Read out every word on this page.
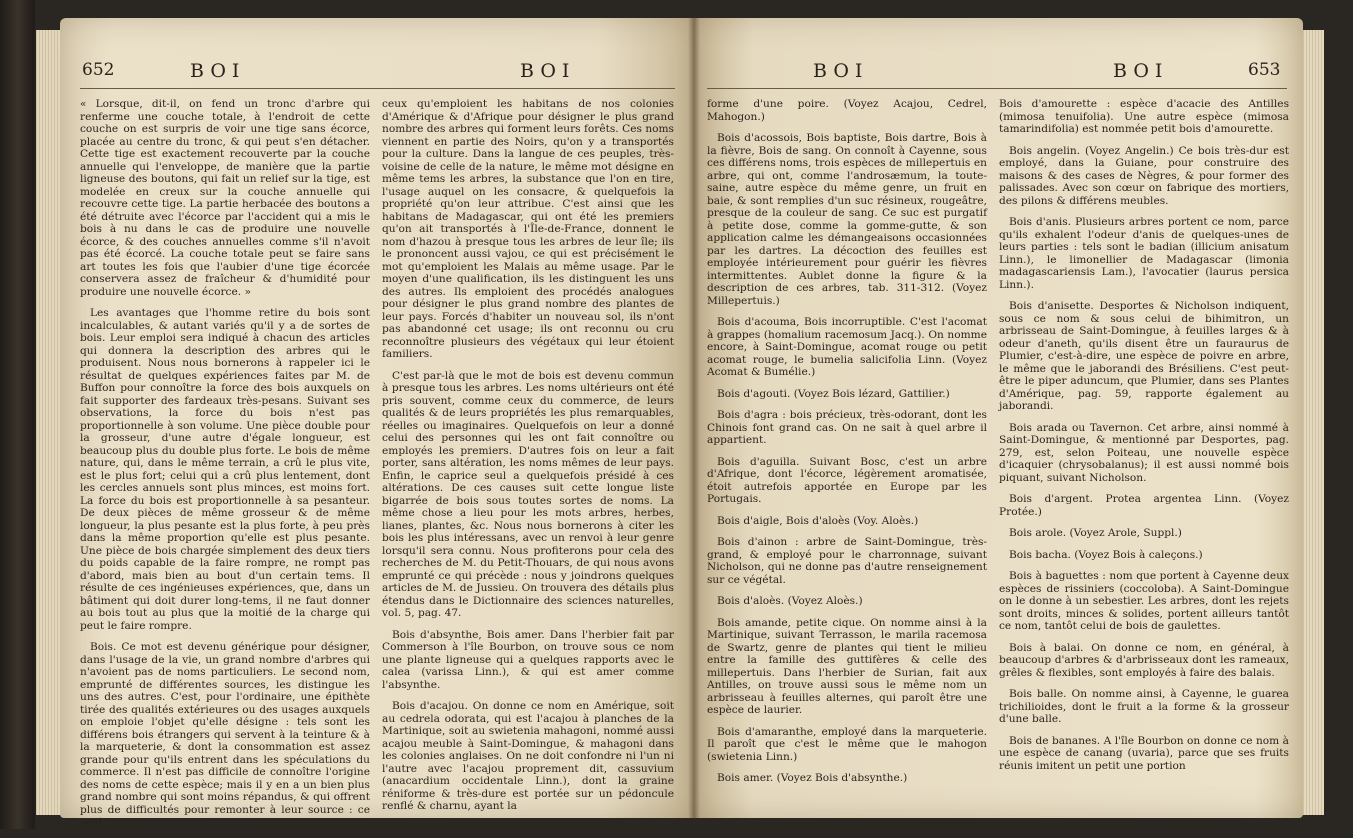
652	BOI	BOI

« Lorsque, dit-il, on fend un tronc d'arbre qui renferme une couche totale, à l'endroit de cette couche on est surpris de voir une tige sans écorce, placée au centre du tronc, & qui peut s'en détacher. Cette tige est exactement recouverte par la couche annuelle qui l'enveloppe, de manière que la partie ligneuse des boutons, qui fait un relief sur la tige, est modelée en creux sur la couche annuelle qui recouvre cette tige. La partie herbacée des boutons a été détruite avec l'écorce par l'accident qui a mis le bois à nu dans le cas de produire une nouvelle écorce, & des couches annuelles comme s'il n'avoit pas été écorcé. La couche totale peut se faire sans art toutes les fois que l'aubier d'une tige écorcée conservera assez de fraîcheur & d'humidité pour produire une nouvelle écorce. »

Les avantages que l'homme retire du bois sont incalculables, & autant variés qu'il y a de sortes de bois. Leur emploi sera indiqué à chacun des articles qui donnera la description des arbres qui le produisent. Nous nous bornerons à rappeler ici le résultat de quelques expériences faites par M. de Buffon pour connoître la force des bois auxquels on fait supporter des fardeaux très-pesans. Suivant ses observations, la force du bois n'est pas proportionnelle à son volume. Une pièce double pour la grosseur, d'une autre d'égale longueur, est beaucoup plus du double plus forte. Le bois de même nature, qui, dans le même terrain, a crû le plus vite, est le plus fort; celui qui a crû plus lentement, dont les cercles annuels sont plus minces, est moins fort. La force du bois est proportionnelle à sa pesanteur. De deux pièces de même grosseur & de même longueur, la plus pesante est la plus forte, à peu près dans la même proportion qu'elle est plus pesante. Une pièce de bois chargée simplement des deux tiers du poids capable de la faire rompre, ne rompt pas d'abord, mais bien au bout d'un certain tems. Il résulte de ces ingénieuses expériences, que, dans un bâtiment qui doit durer long-tems, il ne faut donner au bois tout au plus que la moitié de la charge qui peut le faire rompre.

Bois. Ce mot est devenu générique pour désigner, dans l'usage de la vie, un grand nombre d'arbres qui n'avoient pas de noms particuliers. Le second nom, emprunté de différentes sources, les distingue les uns des autres. C'est, pour l'ordinaire, une épithète tirée des qualités extérieures ou des usages auxquels on emploie l'objet qu'elle désigne : tels sont les différens bois étrangers qui servent à la teinture & à la marqueterie, & dont la consommation est assez grande pour qu'ils entrent dans les spéculations du commerce. Il n'est pas difficile de connoître l'origine des noms de cette espèce; mais il y en a un bien plus grand nombre qui sont moins répandus, & qui offrent plus de difficultés pour remonter à leur source : ce sont

ceux qu'emploient les habitans de nos colonies d'Amérique & d'Afrique pour désigner le plus grand nombre des arbres qui forment leurs forêts. Ces noms viennent en partie des Noirs, qu'on y a transportés pour la culture. Dans la langue de ces peuples, très-voisine de celle de la nature, le même mot désigne en même tems les arbres, la substance que l'on en tire, l'usage auquel on les consacre, & quelquefois la propriété qu'on leur attribue. C'est ainsi que les habitans de Madagascar, qui ont été les premiers qu'on ait transportés à l'Île-de-France, donnent le nom d'hazou à presque tous les arbres de leur île; ils le prononcent aussi vajou, ce qui est précisément le mot qu'emploient les Malais au même usage. Par le moyen d'une qualification, ils les distinguent les uns des autres. Ils emploient des procédés analogues pour désigner le plus grand nombre des plantes de leur pays. Forcés d'habiter un nouveau sol, ils n'ont pas abandonné cet usage; ils ont reconnu ou cru reconnoître plusieurs des végétaux qui leur étoient familiers.

C'est par-là que le mot de bois est devenu commun à presque tous les arbres. Les noms ultérieurs ont été pris souvent, comme ceux du commerce, de leurs qualités & de leurs propriétés les plus remarquables, réelles ou imaginaires. Quelquefois on leur a donné celui des personnes qui les ont fait connoître ou employés les premiers. D'autres fois on leur a fait porter, sans altération, les noms mêmes de leur pays. Enfin, le caprice seul a quelquefois présidé à ces altérations. De ces causes suit cette longue liste bigarrée de bois sous toutes sortes de noms. La même chose a lieu pour les mots arbres, herbes, lianes, plantes, &c. Nous nous bornerons à citer les bois les plus intéressans, avec un renvoi à leur genre lorsqu'il sera connu. Nous profiterons pour cela des recherches de M. du Petit-Thouars, de qui nous avons emprunté ce qui précède : nous y joindrons quelques articles de M. de Jussieu. On trouvera des détails plus étendus dans le Dictionnaire des sciences naturelles, vol. 5, pag. 47.

Bois d'absynthe, Bois amer. Dans l'herbier fait par Commerson à l'île Bourbon, on trouve sous ce nom une plante ligneuse qui a quelques rapports avec le calea (varissa Linn.), & qui est amer comme l'absynthe.

Bois d'acajou. On donne ce nom en Amérique, soit au cedrela odorata, qui est l'acajou à planches de la Martinique, soit au swietenia mahagoni, nommé aussi acajou meuble à Saint-Domingue, & mahagoni dans les colonies anglaises. On ne doit confondre ni l'un ni l'autre avec l'acajou proprement dit, cassuvium (anacardium occidentale Linn.), dont la graine réniforme & très-dure est portée sur un pédoncule renflé & charnu, ayant la

BOI	BOI	653

forme d'une poire. (Voyez Acajou, Cedrel, Mahogon.)

Bois d'acossois, Bois baptiste, Bois dartre, Bois à la fièvre, Bois de sang. On connoît à Cayenne, sous ces différens noms, trois espèces de millepertuis en arbre, qui ont, comme l'androsæmum, la toute-saine, autre espèce du même genre, un fruit en baie, & sont remplies d'un suc résineux, rougeâtre, presque de la couleur de sang. Ce suc est purgatif à petite dose, comme la gomme-gutte, & son application calme les démangeaisons occasionnées par les dartres. La décoction des feuilles est employée intérieurement pour guérir les fièvres intermittentes. Aublet donne la figure & la description de ces arbres, tab. 311-312. (Voyez Millepertuis.)

Bois d'acouma, Bois incorruptible. C'est l'acomat à grappes (homalium racemosum Jacq.). On nomme encore, à Saint-Domingue, acomat rouge ou petit acomat rouge, le bumelia salicifolia Linn. (Voyez Acomat & Bumélie.)

Bois d'agouti. (Voyez Bois lézard, Gattilier.)

Bois d'agra : bois précieux, très-odorant, dont les Chinois font grand cas. On ne sait à quel arbre il appartient.

Bois d'aguilla. Suivant Bosc, c'est un arbre d'Afrique, dont l'écorce, légèrement aromatisée, étoit autrefois apportée en Europe par les Portugais.

Bois d'aigle, Bois d'aloès (Voy. Aloès.)

Bois d'ainon : arbre de Saint-Domingue, très-grand, & employé pour le charronnage, suivant Nicholson, qui ne donne pas d'autre renseignement sur ce végétal.

Bois d'aloès. (Voyez Aloès.)

Bois amande, petite cique. On nomme ainsi à la Martinique, suivant Terrasson, le marila racemosa de Swartz, genre de plantes qui tient le milieu entre la famille des guttifères & celle des millepertuis. Dans l'herbier de Surian, fait aux Antilles, on trouve aussi sous le même nom un arbrisseau à feuilles alternes, qui paroît être une espèce de laurier.

Bois d'amaranthe, employé dans la marqueterie. Il paroît que c'est le même que le mahogon (swietenia Linn.)

Bois amer. (Voyez Bois d'absynthe.)

Bois d'amourette : espèce d'acacie des Antilles (mimosa tenuifolia). Une autre espèce (mimosa tamarindifolia) est nommée petit bois d'amourette.

Bois angelin. (Voyez Angelin.) Ce bois très-dur est employé, dans la Guiane, pour construire des maisons & des cases de Nègres, & pour former des palissades. Avec son cœur on fabrique des mortiers, des pilons & différens meubles.

Bois d'anis. Plusieurs arbres portent ce nom, parce qu'ils exhalent l'odeur d'anis de quelques-unes de leurs parties : tels sont le badian (illicium anisatum Linn.), le limonellier de Madagascar (limonia madagascariensis Lam.), l'avocatier (laurus persica Linn.).

Bois d'anisette. Desportes & Nicholson indiquent, sous ce nom & sous celui de bihimitron, un arbrisseau de Saint-Domingue, à feuilles larges & à odeur d'aneth, qu'ils disent être un fauraurus de Plumier, c'est-à-dire, une espèce de poivre en arbre, le même que le jaborandi des Brésiliens. C'est peut-être le piper aduncum, que Plumier, dans ses Plantes d'Amérique, pag. 59, rapporte également au jaborandi.

Bois arada ou Tavernon. Cet arbre, ainsi nommé à Saint-Domingue, & mentionné par Desportes, pag. 279, est, selon Poiteau, une nouvelle espèce d'icaquier (chrysobalanus); il est aussi nommé bois piquant, suivant Nicholson.

Bois d'argent. Protea argentea Linn. (Voyez Protée.)

Bois arole. (Voyez Arole, Suppl.)

Bois bacha. (Voyez Bois à caleçons.)

Bois à baguettes : nom que portent à Cayenne deux espèces de rissiniers (coccoloba). A Saint-Domingue on le donne à un sebestier. Les arbres, dont les rejets sont droits, minces & solides, portent ailleurs tantôt ce nom, tantôt celui de bois de gaulettes.

Bois à balai. On donne ce nom, en général, à beaucoup d'arbres & d'arbrisseaux dont les rameaux, grêles & flexibles, sont employés à faire des balais.

Bois balle. On nomme ainsi, à Cayenne, le guarea trichilioides, dont le fruit a la forme & la grosseur d'une balle.

Bois de bananes. A l'île Bourbon on donne ce nom à une espèce de canang (uvaria), parce que ses fruits réunis imitent un petit une portion
